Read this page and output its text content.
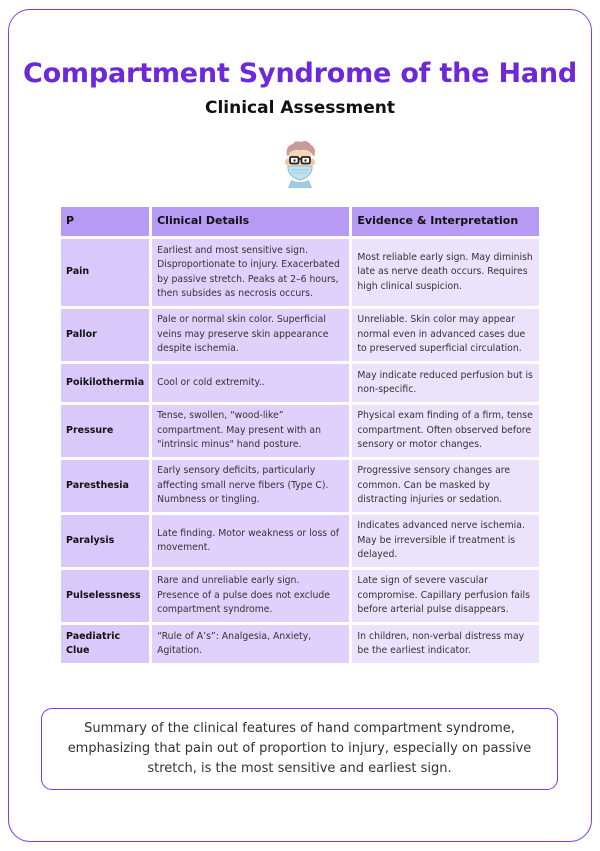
Compartment Syndrome of the Hand
Clinical Assessment
P	Clinical Details	Evidence & Interpretation
Pain	Earliest and most sensitive sign. Disproportionate to injury. Exacerbated by passive stretch. Peaks at 2–6 hours, then subsides as necrosis occurs.	Most reliable early sign. May diminish late as nerve death occurs. Requires high clinical suspicion.
Pallor	Pale or normal skin color. Superficial veins may preserve skin appearance despite ischemia.	Unreliable. Skin color may appear normal even in advanced cases due to preserved superficial circulation.
Poikilothermia	Cool or cold extremity..	May indicate reduced perfusion but is non-specific.
Pressure	Tense, swollen, “wood-like” compartment. May present with an "intrinsic minus" hand posture.	Physical exam finding of a firm, tense compartment. Often observed before sensory or motor changes.
Paresthesia	Early sensory deficits, particularly affecting small nerve fibers (Type C). Numbness or tingling.	Progressive sensory changes are common. Can be masked by distracting injuries or sedation.
Paralysis	Late finding. Motor weakness or loss of movement.	Indicates advanced nerve ischemia. May be irreversible if treatment is delayed.
Pulselessness	Rare and unreliable early sign. Presence of a pulse does not exclude compartment syndrome.	Late sign of severe vascular compromise. Capillary perfusion fails before arterial pulse disappears.
Paediatric Clue	“Rule of A’s”: Analgesia, Anxiety, Agitation.	In children, non-verbal distress may be the earliest indicator.
Summary of the clinical features of hand compartment syndrome, emphasizing that pain out of proportion to injury, especially on passive stretch, is the most sensitive and earliest sign.
